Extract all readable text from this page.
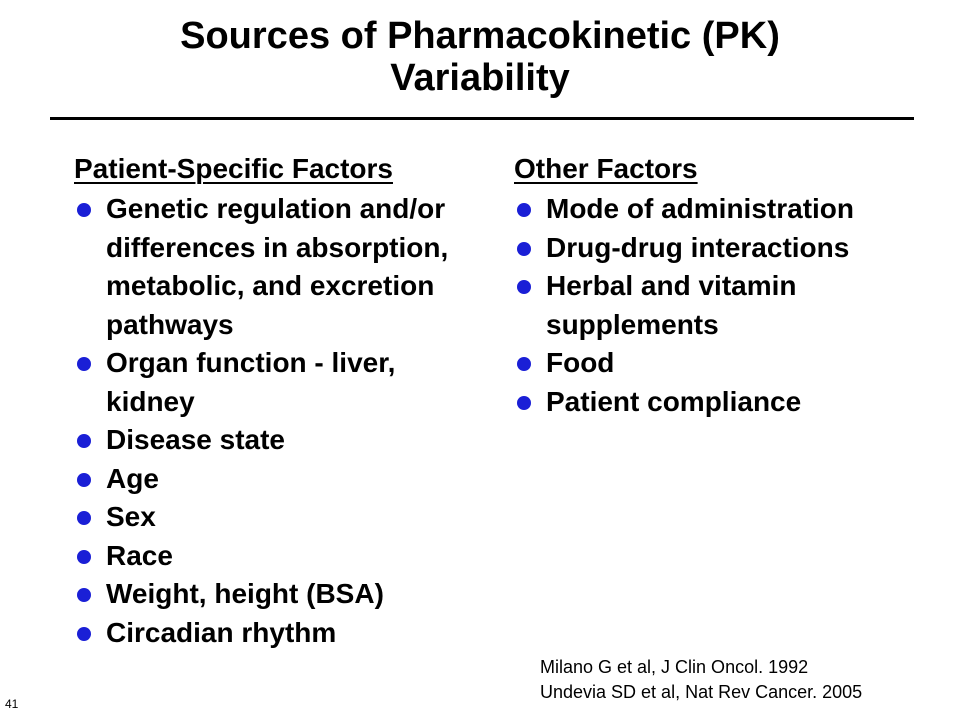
Sources of Pharmacokinetic (PK)
Variability
Patient-Specific Factors
Genetic regulation and/or differences in absorption, metabolic, and excretion pathways
Organ function - liver, kidney
Disease state
Age
Sex
Race
Weight, height (BSA)
Circadian rhythm
Other Factors
Mode of administration
Drug-drug interactions
Herbal and vitamin supplements
Food
Patient compliance
Milano G et al, J Clin Oncol. 1992
Undevia SD et al, Nat Rev Cancer. 2005
41
